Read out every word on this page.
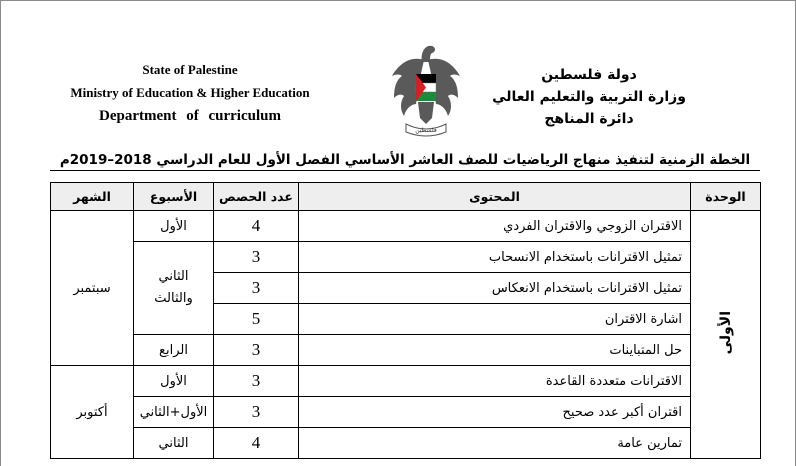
State of Palestine
Ministry of Education & Higher Education
Department of curriculum
فلسطين
دولة فلسطين
وزارة التربية والتعليم العالي
دائرة المناهج
الخطة الزمنية لتنفيذ منهاج الرياضيات للصف العاشر الأساسي الفصل الأول للعام الدراسي 2018–2019م
الوحدة	المحتوى	عدد الحصص	الأسبوع	الشهر
الأولى	الاقتران الزوجي والاقتران الفردي	4	الأول	سبتمبر
	تمثيل الاقترانات باستخدام الانسحاب	3	الثاني والثالث	
	تمثيل الاقترانات باستخدام الانعكاس	3		
	اشارة الاقتران	5		
	حل المتباينات	3	الرابع	
	الاقترانات متعددة القاعدة	3	الأول	أكتوبر
	اقتران أكبر عدد صحيح	3	الأول+الثاني	
	تمارين عامة	4	الثاني	
